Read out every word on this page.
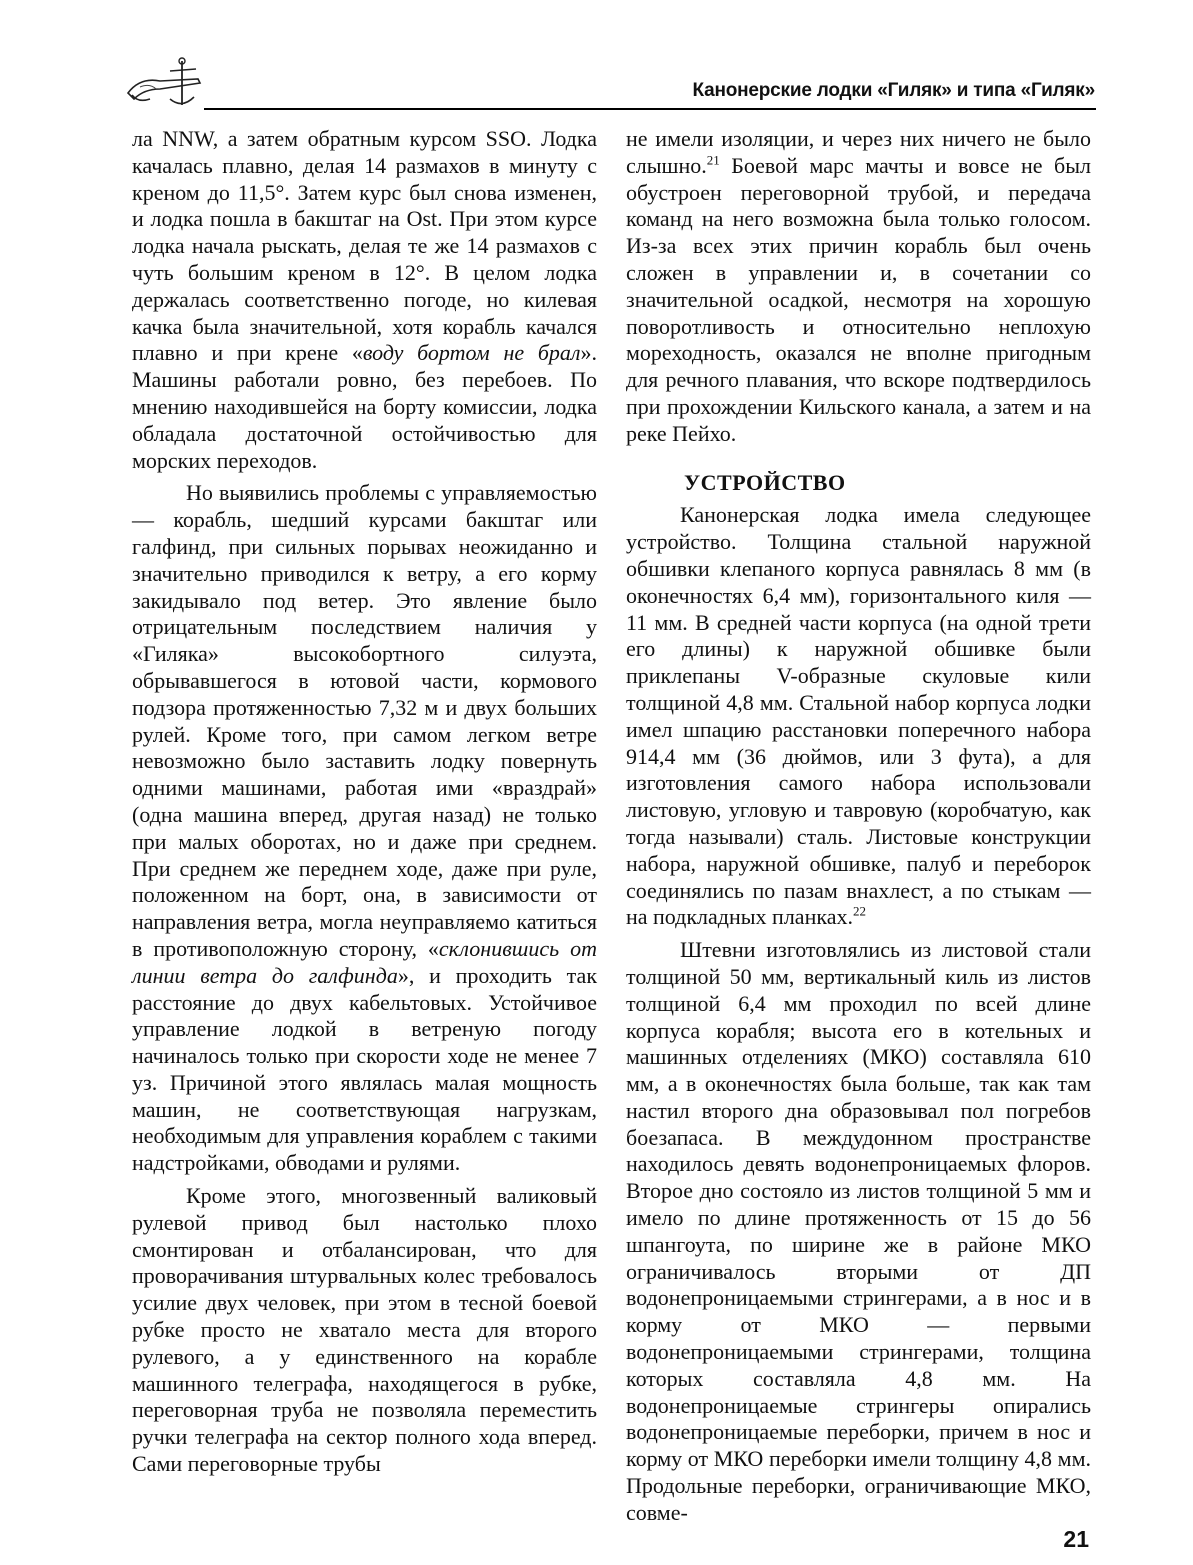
Канонерские лодки «Гиляк» и типа «Гиляк»

ла NNW, а затем обратным курсом SSO. Лодка качалась плавно, делая 14 размахов в минуту с креном до 11,5°. Затем курс был снова изменен, и лодка пошла в бакштаг на Ost. При этом курсе лодка начала рыскать, делая те же 14 размахов с чуть большим креном в 12°. В целом лодка держалась соответственно погоде, но килевая качка была значительной, хотя корабль качался плавно и при крене «воду бортом не брал». Машины работали ровно, без перебоев. По мнению находившейся на борту комиссии, лодка обладала достаточной остойчивостью для морских переходов.

Но выявились проблемы с управляемостью — корабль, шедший курсами бакштаг или галфинд, при сильных порывах неожиданно и значительно приводился к ветру, а его корму закидывало под ветер. Это явление было отрицательным последствием наличия у «Гиляка» высокобортного силуэта, обрывавшегося в ютовой части, кормового подзора протяженностью 7,32 м и двух больших рулей. Кроме того, при самом легком ветре невозможно было заставить лодку повернуть одними машинами, работая ими «враздрай» (одна машина вперед, другая назад) не только при малых оборотах, но и даже при среднем. При среднем же переднем ходе, даже при руле, положенном на борт, она, в зависимости от направления ветра, могла неуправляемо катиться в противоположную сторону, «склонившись от линии ветра до галфинда», и проходить так расстояние до двух кабельтовых. Устойчивое управление лодкой в ветреную погоду начиналось только при скорости ходе не менее 7 уз. Причиной этого являлась малая мощность машин, не соответствующая нагрузкам, необходимым для управления кораблем с такими надстройками, обводами и рулями.

Кроме этого, многозвенный валиковый рулевой привод был настолько плохо смонтирован и отбалансирован, что для проворачивания штурвальных колес требовалось усилие двух человек, при этом в тесной боевой рубке просто не хватало места для второго рулевого, а у единственного на корабле машинного телеграфа, находящегося в рубке, переговорная труба не позволяла переместить ручки телеграфа на сектор полного хода вперед. Сами переговорные трубы

не имели изоляции, и через них ничего не было слышно.$^{21}$ Боевой марс мачты и вовсе не был обустроен переговорной трубой, и передача команд на него возможна была только голосом. Из-за всех этих причин корабль был очень сложен в управлении и, в сочетании со значительной осадкой, несмотря на хорошую поворотливость и относительно неплохую мореходность, оказался не вполне пригодным для речного плавания, что вскоре подтвердилось при прохождении Кильского канала, а затем и на реке Пейхо.

УСТРОЙСТВО

Канонерская лодка имела следующее устройство. Толщина стальной наружной обшивки клепаного корпуса равнялась 8 мм (в оконечностях 6,4 мм), горизонтального киля — 11 мм. В средней части корпуса (на одной трети его длины) к наружной обшивке были приклепаны V-образные скуловые кили толщиной 4,8 мм. Стальной набор корпуса лодки имел шпацию расстановки поперечного набора 914,4 мм (36 дюймов, или 3 фута), а для изготовления самого набора использовали листовую, угловую и тавровую (коробчатую, как тогда называли) сталь. Листовые конструкции набора, наружной обшивке, палуб и переборок соединялись по пазам внахлест, а по стыкам — на подкладных планках.$^{22}$

Штевни изготовлялись из листовой стали толщиной 50 мм, вертикальный киль из листов толщиной 6,4 мм проходил по всей длине корпуса корабля; высота его в котельных и машинных отделениях (МКО) составляла 610 мм, а в оконечностях была больше, так как там настил второго дна образовывал пол погребов боезапаса. В междудонном пространстве находилось девять водонепроницаемых флоров. Второе дно состояло из листов толщиной 5 мм и имело по длине протяженность от 15 до 56 шпангоута, по ширине же в районе МКО ограничивалось вторыми от ДП водонепроницаемыми стрингерами, а в нос и в корму от МКО — первыми водонепроницаемыми стрингерами, толщина которых составляла 4,8 мм. На водонепроницаемые стрингеры опирались водонепроницаемые переборки, причем в нос и корму от МКО переборки имели толщину 4,8 мм. Продольные переборки, ограничивающие МКО, совме-

21
